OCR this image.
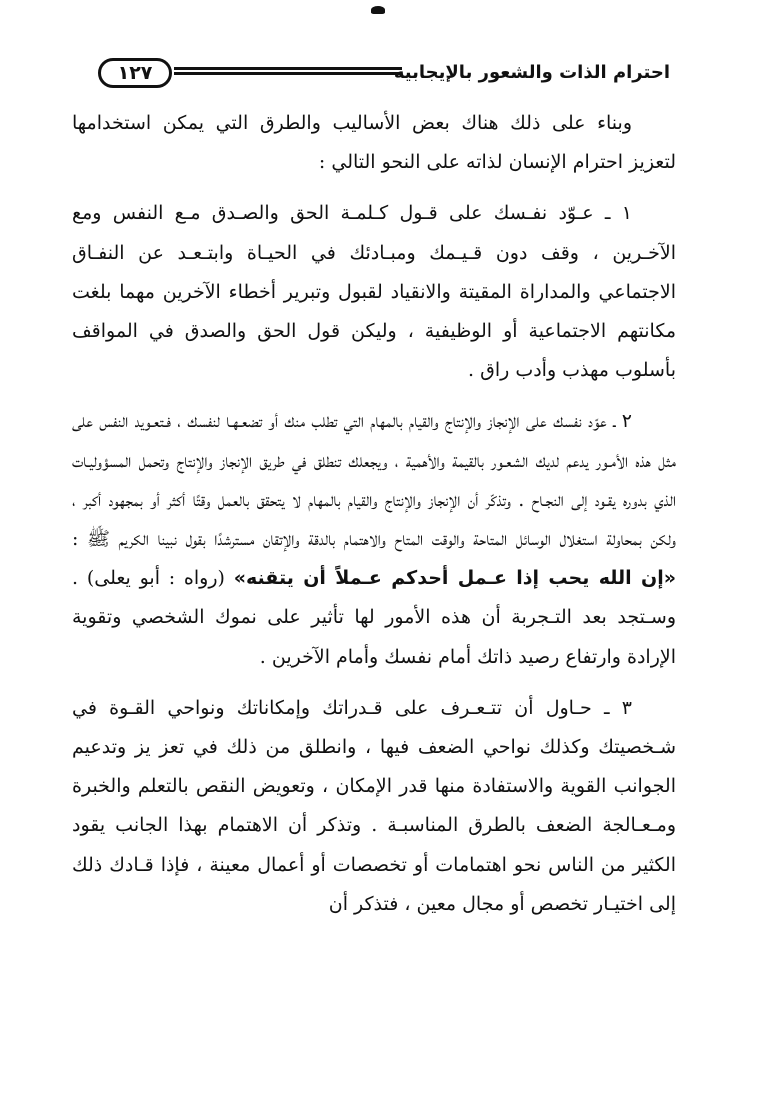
١٢٧	احترام الذات والشعور بالإيجابية

وبناء على ذلك هناك بعض الأساليب والطرق التي يمكن استخدامها لتعزيز احترام الإنسان لذاته على النحو التالي :

١ ـ عـوّد نفـسك على قـول كـلمـة الحق والصـدق مـع النفس ومع الآخـرين ، وقف دون قـيـمك ومبـادئك في الحيـاة وابتـعـد عن النفـاق الاجتماعي والمداراة المقيتة والانقياد لقبول وتبرير أخطاء الآخرين مهما بلغت مكانتهم الاجتماعية أو الوظيفية ، وليكن قول الحق والصدق في المواقف بأسلوب مهذب وأدب راق .

٢ ـ عوّد نفسك على الإنجاز والإنتاج والقيام بالمهام التي تطلب منك أو تضعـهـا لنفسك ، فـتعـويد النفس على مثل هذه الأمـور يدعم لديك الشعـور بالقيمة والأهمية ، ويجعلك تنطلق في طريق الإنجاز والإنتاج وتحمل المسؤوليـات الذي بدوره يقـود إلى النجـاح . وتذكّر أن الإنجاز والإنتاج والقيام بالمهام لا يتحقق بالعمل وقتًا أكثر أو بمجهود أكبر ، ولكن بمحاولة استغلال الوسائل المتاحة والوقت المتاح والاهتمام بالدقة والإتقان مسترشدًا بقول نبينا الكريم ﷺ : «إن الله يحب إذا عـمل أحدكم عـملاً أن يتقنه» (رواه : أبو يعلى) . وسـتجد بعد التـجربة أن هذه الأمور لها تأثير على نموك الشخصي وتقوية الإرادة وارتفاع رصيد ذاتك أمام نفسك وأمام الآخرين .

٣ ـ حـاول أن تتـعـرف على قـدراتك وإمكاناتك ونواحي القـوة في شـخصيتك وكذلك نواحي الضعف فيها ، وانطلق من ذلك في تعز يز وتدعيم الجوانب القوية والاستفادة منها قدر الإمكان ، وتعويض النقص بالتعلم والخبرة ومـعـالجة الضعف بالطرق المناسبـة . وتذكر أن الاهتمام بهذا الجانب يقود الكثير من الناس نحو اهتمامات أو تخصصات أو أعمال معينة ، فإذا قـادك ذلك إلى اختيـار تخصص أو مجال معين ، فتذكر أن
